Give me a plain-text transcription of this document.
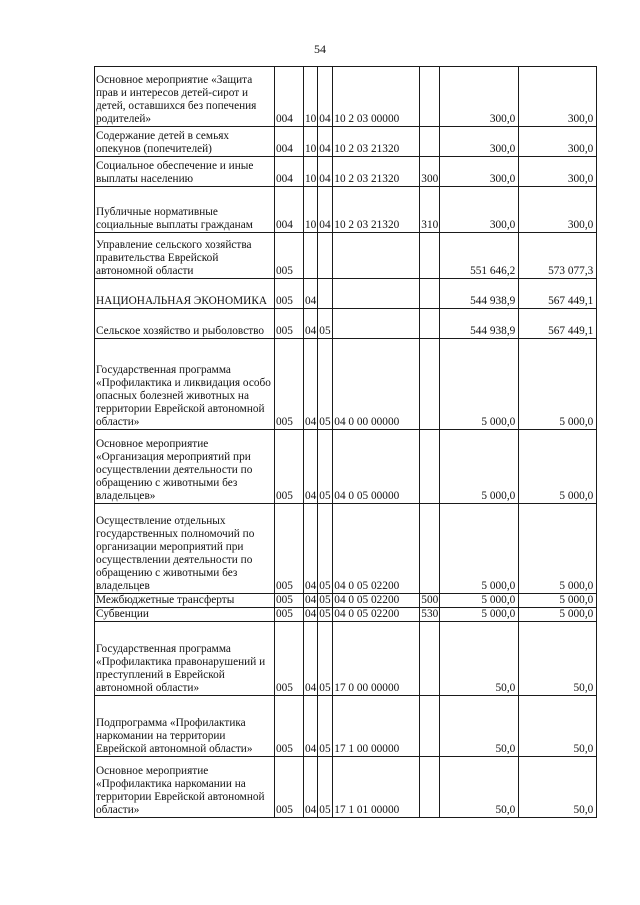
54
Основное мероприятие «Защита прав и интересов детей-сирот и детей, оставшихся без попечения родителей»	004	10	04	10 2 03 00000		300,0	300,0
Содержание детей в семьях опекунов (попечителей)	004	10	04	10 2 03 21320		300,0	300,0
Социальное обеспечение и иные выплаты населению	004	10	04	10 2 03 21320	300	300,0	300,0
Публичные нормативные социальные выплаты гражданам	004	10	04	10 2 03 21320	310	300,0	300,0
Управление сельского хозяйства правительства Еврейской автономной области	005					551 646,2	573 077,3
НАЦИОНАЛЬНАЯ ЭКОНОМИКА	005	04				544 938,9	567 449,1
Сельское хозяйство и рыболовство	005	04	05			544 938,9	567 449,1
Государственная программа «Профилактика и ликвидация особо опасных болезней животных на территории Еврейской автономной области»	005	04	05	04 0 00 00000		5 000,0	5 000,0
Основное мероприятие «Организация мероприятий при осуществлении деятельности по обращению с животными без владельцев»	005	04	05	04 0 05 00000		5 000,0	5 000,0
Осуществление отдельных государственных полномочий по организации мероприятий при осуществлении деятельности по обращению с животными без владельцев	005	04	05	04 0 05 02200		5 000,0	5 000,0
Межбюджетные трансферты	005	04	05	04 0 05 02200	500	5 000,0	5 000,0
Субвенции	005	04	05	04 0 05 02200	530	5 000,0	5 000,0
Государственная программа «Профилактика правонарушений и преступлений в Еврейской автономной области»	005	04	05	17 0 00 00000		50,0	50,0
Подпрограмма «Профилактика наркомании на территории Еврейской автономной области»	005	04	05	17 1 00 00000		50,0	50,0
Основное мероприятие «Профилактика наркомании на территории Еврейской автономной области»	005	04	05	17 1 01 00000		50,0	50,0
